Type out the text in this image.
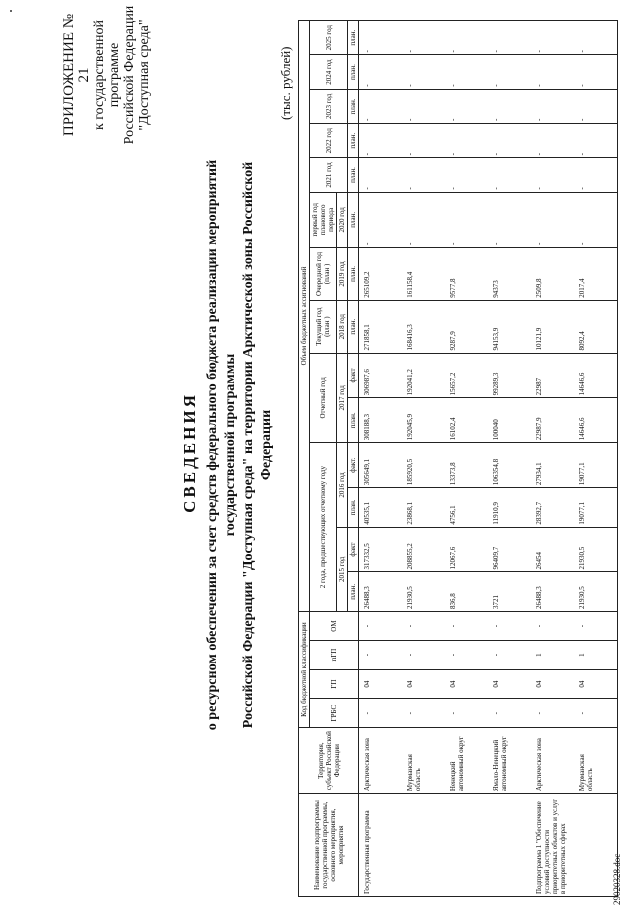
ПРИЛОЖЕНИЕ № 21 к государственной программе Российской Федерации "Доступная среда"
СВЕДЕНИЯ о ресурсном обеспечении за счет средств федерального бюджета реализации мероприятий государственной программы Российской Федерации "Доступная среда" на территории Арктической зоны Российской Федерации
(тыс. рублей)
Наименование подпрограммы государственной программы, основного мероприятия, мероприятия	Территория, субъект Российской Федерации	Код бюджетной классификации				Объем бюджетных ассигнований													
		ГРБС	ГП	пГП	ОМ	2 года, предшествующих отчетному году				Отчетный год		Текущий год (план )	Очередной год (план )	первый год планового периода	2021 год	2022 год	2023 год	2024 год	2025 год
						2015 год		2016 год		2017 год		2018 год	2019 год	2020 год					
						план.	факт	план.	факт.	план.	факт	план.	план.	план.	план.	план.	план.	план.	план.
Государственная программа	Арктическая зона	-	04	-	-	26488,3	317332,5	40535,1	305649,1	308188,3	306987,6	271858,1	265109,2	-	-	-	-	-	-
	Мурманская область	-	04	-	-	21930,5	208855,2	23868,1	185920,5	192045,9	192041,2	168416,3	161158,4	-	-	-	-	-	-
	Ненецкий автономный округ	-	04	-	-	836,8	12067,6	4756,1	13373,8	16102,4	15657,2	9287,9	9577,8	-	-	-	-	-	-
	Ямало-Ненецкий автономный округ	-	04	-	-	3721	96409,7	11910,9	106354,8	100040	99289,3	94153,9	94373	-	-	-	-	-	-
Подпрограмма 1 "Обеспечение условий доступности приоритетных объектов и услуг в приоритетных сферах	Арктическая зона	-	04	1	-	26488,3	26454	28392,7	27934,1	22987,9	22987	10121,9	2509,8	-	-	-	-	-	-
	Мурманская область	-	04	1	-	21930,5	21930,5	19077,1	19077,1	14646,6	14646,6	8092,4	2017,4	-	-	-	-	-	-
29020328.doc
